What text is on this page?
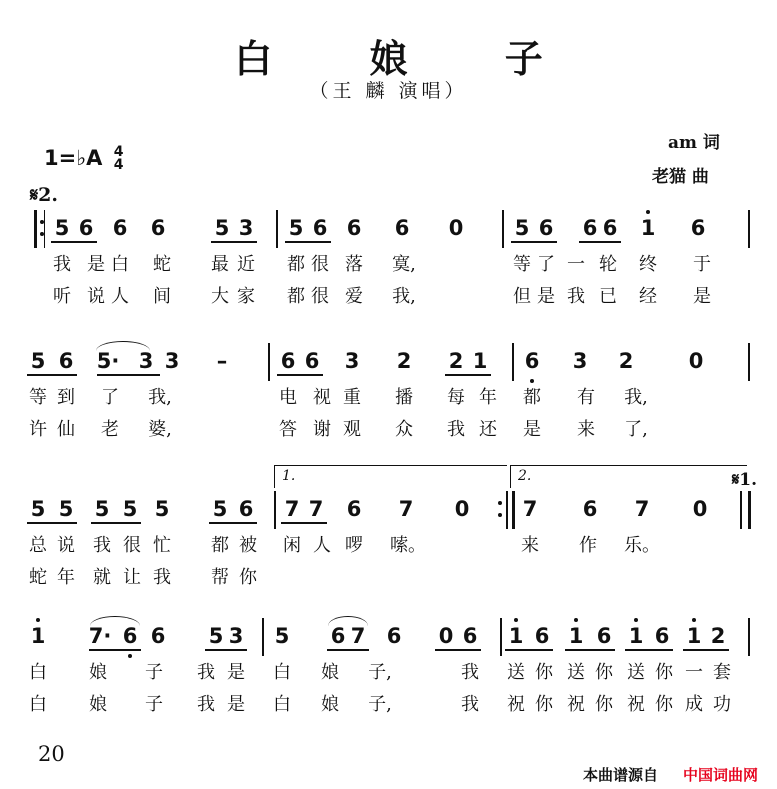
白 娘 子
（王 麟 演唱）
1=♭A 4
4
am 词
老猫 曲
𝄋2.
5 6 6 6 5 3 5 6 6 6 0 5 6 6 6 1 6
我 是 白 蛇 最 近 都 很 落 寞,	等 了 一 轮 终 于
听 说 人 间 大 家 都 很 爱 我,	但 是 我 已 经 是
5 6 5· 3 3 –	6 6 3 2 2 1 6 3 2	0
等 到 了 我,	电 视 重 播 每 年 都 有 我,
许 仙 老 婆,	答 谢 观 众 我 还 是 来 了,
5 5 5 5 5 5 6 7 7 6 7 0	7 6 7 0
总 说 我 很 忙 都 被 闲 人 啰 嗦。	来 作 乐。
蛇 年 就 让 我 帮 你
1 7· 6 6 5 3 5 6 7 6 0 6 1 6 1 6 1 6 1 2
白 娘 子 我 是 白 娘 子,	我 送 你 送 你 送 你 一 套
白 娘 子 我 是 白 娘 子,	我 祝 你 祝 你 祝 你 成 功
1.	2.	𝄋1.
20
本曲谱源自 中国词曲网
